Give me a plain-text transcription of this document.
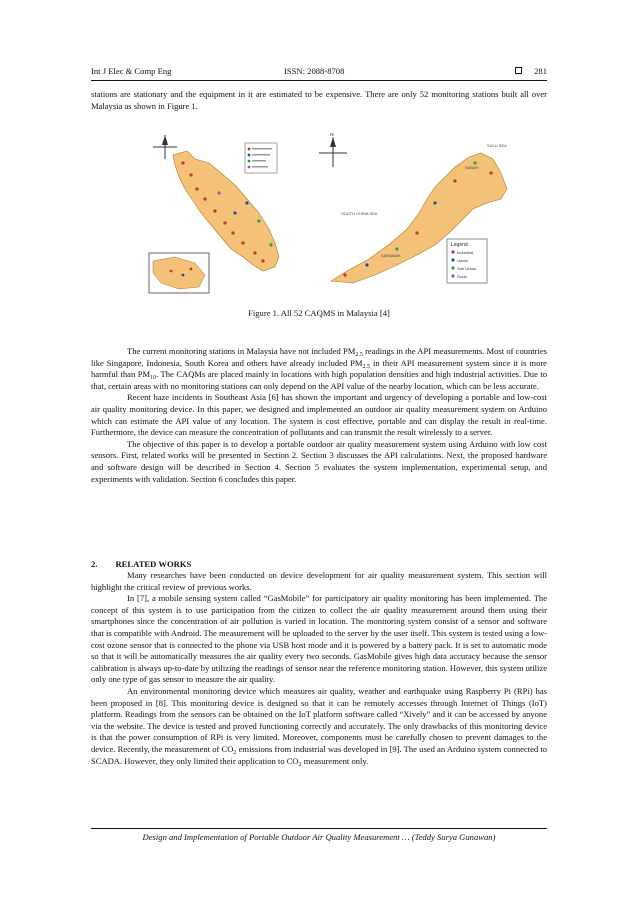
Int J Elec & Comp Eng	ISSN: 2088-8708	281

stations are stationary and the equipment in it are estimated to be expensive. There are only 52 monitoring stations built all over Malaysia as shown in Figure 1.

N
SOUTH CHINA SEA
SARAWAK
SABAH
SULU SEA
Legend
Industrial
Urban
Sub Urban
Rural
Figure 1. All 52 CAQMS in Malaysia [4]

The current monitoring stations in Malaysia have not included $PM_{2.5}$ readings in the API measurements. Most of countries like Singapore, Indonesia, South Korea and others have already included $PM_{2.5}$ in their API measurement system since it is more harmful than $PM_{10}$. The CAQMs are placed mainly in locations with high population densities and high industrial activities. Due to that, certain areas with no monitoring stations can only depend on the API value of the nearby location, which can be less accurate.

Recent haze incidents in Southeast Asia [6] has shown the important and urgency of developing a portable and low-cost air quality monitoring device. In this paper, we designed and implemented an outdoor air quality measurement system on Arduino which can estimate the API value of any location. The system is cost effective, portable and can display the result in real-time. Furthermore, the device can measure the concentration of pollutants and can transmit the result wirelessly to a server.

The objective of this paper is to develop a portable outdoor air quality measurement system using Arduino with low cost sensors. First, related works will be presented in Section 2. Section 3 discusses the API calculations. Next, the proposed hardware and software design will be described in Section 4. Section 5 evaluates the system implementation, experimental setup, and experiments with validation. Section 6 concludes this paper.

2. RELATED WORKS

Many researches have been conducted on device development for air quality measurement system. This section will highlight the critical review of previous works.

In [7], a mobile sensing system called “GasMobile” for participatory air quality monitoring has been implemented. The concept of this system is to use participation from the citizen to collect the air quality measurement around them using their smartphones since the concentration of air pollution is varied in location. The monitoring system consist of a sensor and software that is compatible with Android. The measurement will be uploaded to the server by the user itself. This system is tested using a low-cost ozone sensor that is connected to the phone via USB host mode and it is powered by a battery pack. It is set to automatic mode so that it will be automatically measures the air quality every two seconds. GasMobile gives high data accuracy because the sensor calibration is always up-to-date by utilizing the readings of sensor near the reference monitoring station. However, this system utilize only one type of gas sensor to measure the air quality.

An environmental monitoring device which measures air quality, weather and earthquake using Raspberry Pi (RPi) has been proposed in [8]. This monitoring device is designed so that it can be remotely accesses through Internet of Things (IoT) platform. Readings from the sensors can be obtained on the IoT platform software called “Xively” and it can be accessed by anyone via the website. The device is tested and proved functioning correctly and accurately. The only drawbacks of this monitoring device is that the power consumption of RPi is very limited. Moreover, components must be carefully chosen to prevent damages to the device. Recently, the measurement of $CO_2$ emissions from industrial was developed in [9]. The used an Arduino system connected to SCADA. However, they only limited their application to $CO_2$ measurement only.

Design and Implementation of Portable Outdoor Air Quality Measurement … (Teddy Surya Gunawan)
